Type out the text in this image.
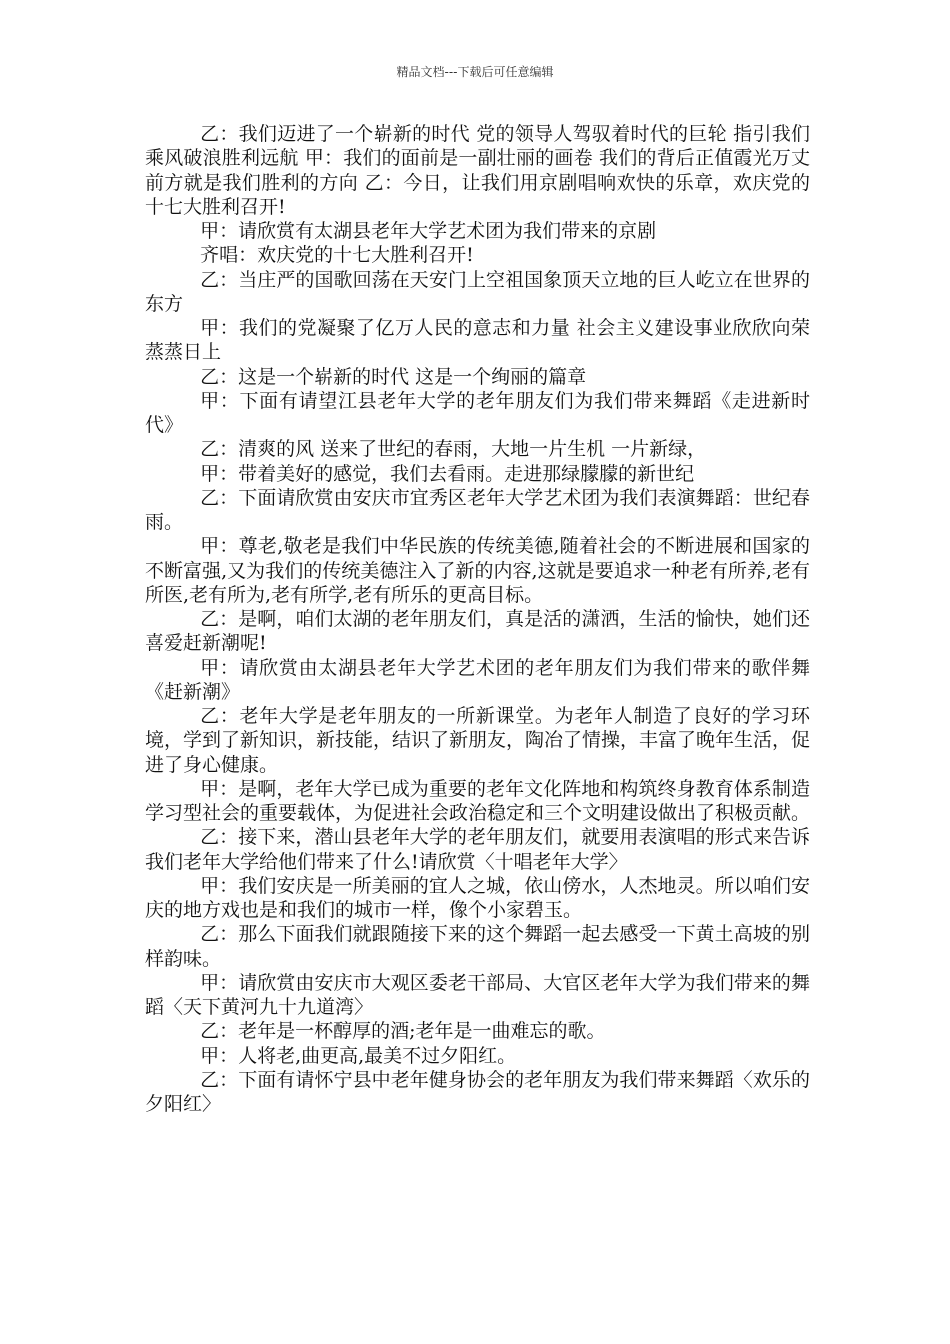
精品文档---下载后可任意编辑

乙：我们迈进了一个崭新的时代 党的领导人驾驭着时代的巨轮 指引我们乘风破浪胜利远航 甲：我们的面前是一副壮丽的画卷 我们的背后正值霞光万丈前方就是我们胜利的方向 乙：今日，让我们用京剧唱响欢快的乐章，欢庆党的十七大胜利召开!

甲：请欣赏有太湖县老年大学艺术团为我们带来的京剧

齐唱：欢庆党的十七大胜利召开!

乙：当庄严的国歌回荡在天安门上空祖国象顶天立地的巨人屹立在世界的东方

甲：我们的党凝聚了亿万人民的意志和力量 社会主义建设事业欣欣向荣蒸蒸日上

乙：这是一个崭新的时代 这是一个绚丽的篇章

甲：下面有请望江县老年大学的老年朋友们为我们带来舞蹈《走进新时代》

乙：清爽的风 送来了世纪的春雨，大地一片生机 一片新绿，

甲：带着美好的感觉，我们去看雨。走进那绿朦朦的新世纪

乙：下面请欣赏由安庆市宜秀区老年大学艺术团为我们表演舞蹈：世纪春雨。

甲：尊老,敬老是我们中华民族的传统美德,随着社会的不断进展和国家的不断富强,又为我们的传统美德注入了新的内容,这就是要追求一种老有所养,老有所医,老有所为,老有所学,老有所乐的更高目标。

乙：是啊，咱们太湖的老年朋友们，真是活的潇洒，生活的愉快，她们还喜爱赶新潮呢!

甲：请欣赏由太湖县老年大学艺术团的老年朋友们为我们带来的歌伴舞《赶新潮》

乙：老年大学是老年朋友的一所新课堂。为老年人制造了良好的学习环境，学到了新知识，新技能，结识了新朋友，陶冶了情操，丰富了晚年生活，促进了身心健康。

甲：是啊，老年大学已成为重要的老年文化阵地和构筑终身教育体系制造学习型社会的重要载体，为促进社会政治稳定和三个文明建设做出了积极贡献。

乙：接下来，潜山县老年大学的老年朋友们，就要用表演唱的形式来告诉我们老年大学给他们带来了什么!请欣赏〈十唱老年大学〉

甲：我们安庆是一所美丽的宜人之城，依山傍水，人杰地灵。所以咱们安庆的地方戏也是和我们的城市一样，像个小家碧玉。

乙：那么下面我们就跟随接下来的这个舞蹈一起去感受一下黄土高坡的别样韵味。

甲：请欣赏由安庆市大观区委老干部局、大官区老年大学为我们带来的舞蹈〈天下黄河九十九道湾〉

乙：老年是一杯醇厚的酒;老年是一曲难忘的歌。

甲：人将老,曲更高,最美不过夕阳红。

乙：下面有请怀宁县中老年健身协会的老年朋友为我们带来舞蹈〈欢乐的夕阳红〉
